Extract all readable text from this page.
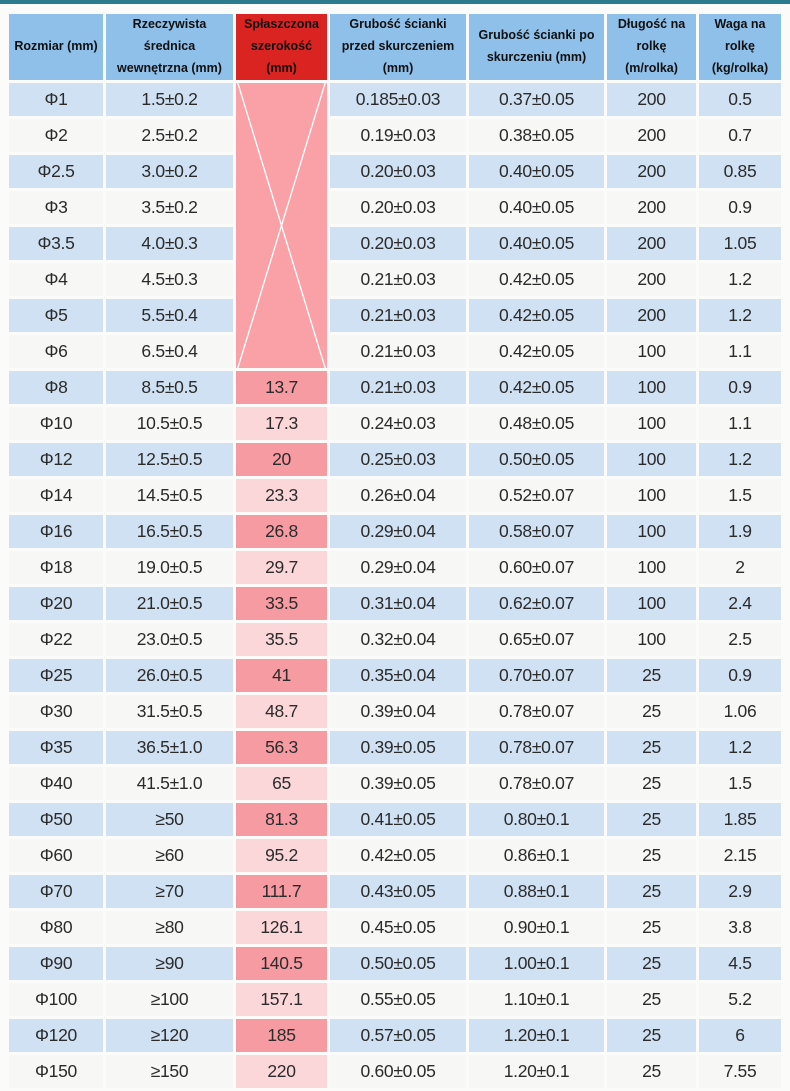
Rozmiar (mm)	Rzeczywista średnica wewnętrzna (mm)	Spłaszczona szerokość (mm)	Grubość ścianki przed skurczeniem (mm)	Grubość ścianki po skurczeniu (mm)	Długość na rolkę (m/rolka)	Waga na rolkę (kg/rolka)
Φ1	1.5±0.2		0.185±0.03	0.37±0.05	200	0.5
Φ2	2.5±0.2		0.19±0.03	0.38±0.05	200	0.7
Φ2.5	3.0±0.2		0.20±0.03	0.40±0.05	200	0.85
Φ3	3.5±0.2		0.20±0.03	0.40±0.05	200	0.9
Φ3.5	4.0±0.3		0.20±0.03	0.40±0.05	200	1.05
Φ4	4.5±0.3		0.21±0.03	0.42±0.05	200	1.2
Φ5	5.5±0.4		0.21±0.03	0.42±0.05	200	1.2
Φ6	6.5±0.4		0.21±0.03	0.42±0.05	100	1.1
Φ8	8.5±0.5	13.7	0.21±0.03	0.42±0.05	100	0.9
Φ10	10.5±0.5	17.3	0.24±0.03	0.48±0.05	100	1.1
Φ12	12.5±0.5	20	0.25±0.03	0.50±0.05	100	1.2
Φ14	14.5±0.5	23.3	0.26±0.04	0.52±0.07	100	1.5
Φ16	16.5±0.5	26.8	0.29±0.04	0.58±0.07	100	1.9
Φ18	19.0±0.5	29.7	0.29±0.04	0.60±0.07	100	2
Φ20	21.0±0.5	33.5	0.31±0.04	0.62±0.07	100	2.4
Φ22	23.0±0.5	35.5	0.32±0.04	0.65±0.07	100	2.5
Φ25	26.0±0.5	41	0.35±0.04	0.70±0.07	25	0.9
Φ30	31.5±0.5	48.7	0.39±0.04	0.78±0.07	25	1.06
Φ35	36.5±1.0	56.3	0.39±0.05	0.78±0.07	25	1.2
Φ40	41.5±1.0	65	0.39±0.05	0.78±0.07	25	1.5
Φ50	≥50	81.3	0.41±0.05	0.80±0.1	25	1.85
Φ60	≥60	95.2	0.42±0.05	0.86±0.1	25	2.15
Φ70	≥70	111.7	0.43±0.05	0.88±0.1	25	2.9
Φ80	≥80	126.1	0.45±0.05	0.90±0.1	25	3.8
Φ90	≥90	140.5	0.50±0.05	1.00±0.1	25	4.5
Φ100	≥100	157.1	0.55±0.05	1.10±0.1	25	5.2
Φ120	≥120	185	0.57±0.05	1.20±0.1	25	6
Φ150	≥150	220	0.60±0.05	1.20±0.1	25	7.55
